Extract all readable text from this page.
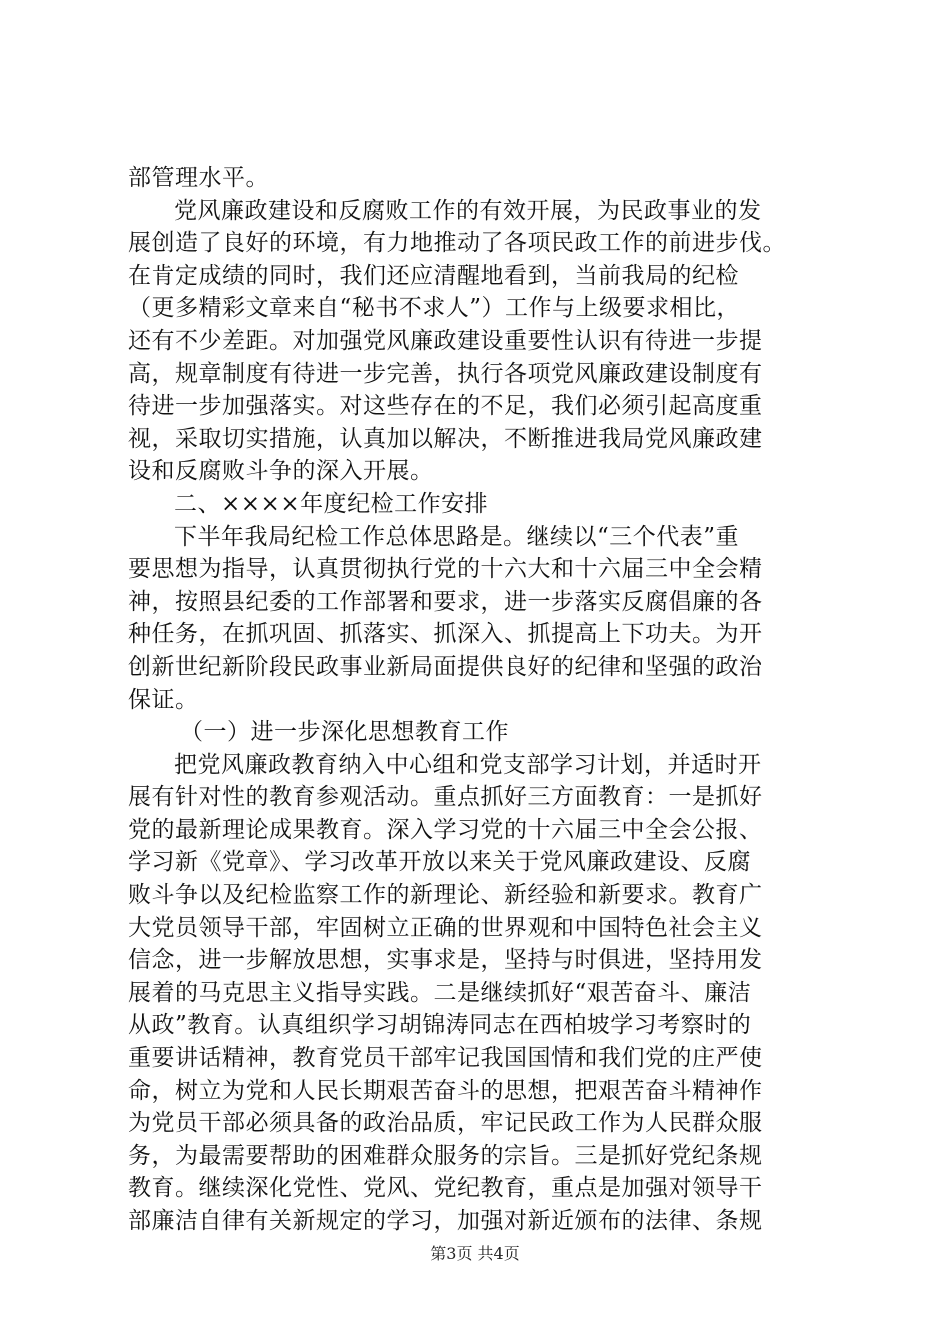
部管理水平。
党风廉政建设和反腐败工作的有效开展，为民政事业的发
展创造了良好的环境，有力地推动了各项民政工作的前进步伐。
在肯定成绩的同时，我们还应清醒地看到，当前我局的纪检
（更多精彩文章来自“秘书不求人”）工作与上级要求相比，
还有不少差距。对加强党风廉政建设重要性认识有待进一步提
高，规章制度有待进一步完善，执行各项党风廉政建设制度有
待进一步加强落实。对这些存在的不足，我们必须引起高度重
视，采取切实措施，认真加以解决，不断推进我局党风廉政建
设和反腐败斗争的深入开展。
二、××××年度纪检工作安排
下半年我局纪检工作总体思路是。继续以“三个代表”重
要思想为指导，认真贯彻执行党的十六大和十六届三中全会精
神，按照县纪委的工作部署和要求，进一步落实反腐倡廉的各
种任务，在抓巩固、抓落实、抓深入、抓提高上下功夫。为开
创新世纪新阶段民政事业新局面提供良好的纪律和坚强的政治
保证。
（一）进一步深化思想教育工作
把党风廉政教育纳入中心组和党支部学习计划，并适时开
展有针对性的教育参观活动。重点抓好三方面教育：一是抓好
党的最新理论成果教育。深入学习党的十六届三中全会公报、
学习新《党章》、学习改革开放以来关于党风廉政建设、反腐
败斗争以及纪检监察工作的新理论、新经验和新要求。教育广
大党员领导干部，牢固树立正确的世界观和中国特色社会主义
信念，进一步解放思想，实事求是，坚持与时俱进，坚持用发
展着的马克思主义指导实践。二是继续抓好“艰苦奋斗、廉洁
从政”教育。认真组织学习胡锦涛同志在西柏坡学习考察时的
重要讲话精神，教育党员干部牢记我国国情和我们党的庄严使
命，树立为党和人民长期艰苦奋斗的思想，把艰苦奋斗精神作
为党员干部必须具备的政治品质，牢记民政工作为人民群众服
务，为最需要帮助的困难群众服务的宗旨。三是抓好党纪条规
教育。继续深化党性、党风、党纪教育，重点是加强对领导干
部廉洁自律有关新规定的学习，加强对新近颁布的法律、条规
第3页 共4页
